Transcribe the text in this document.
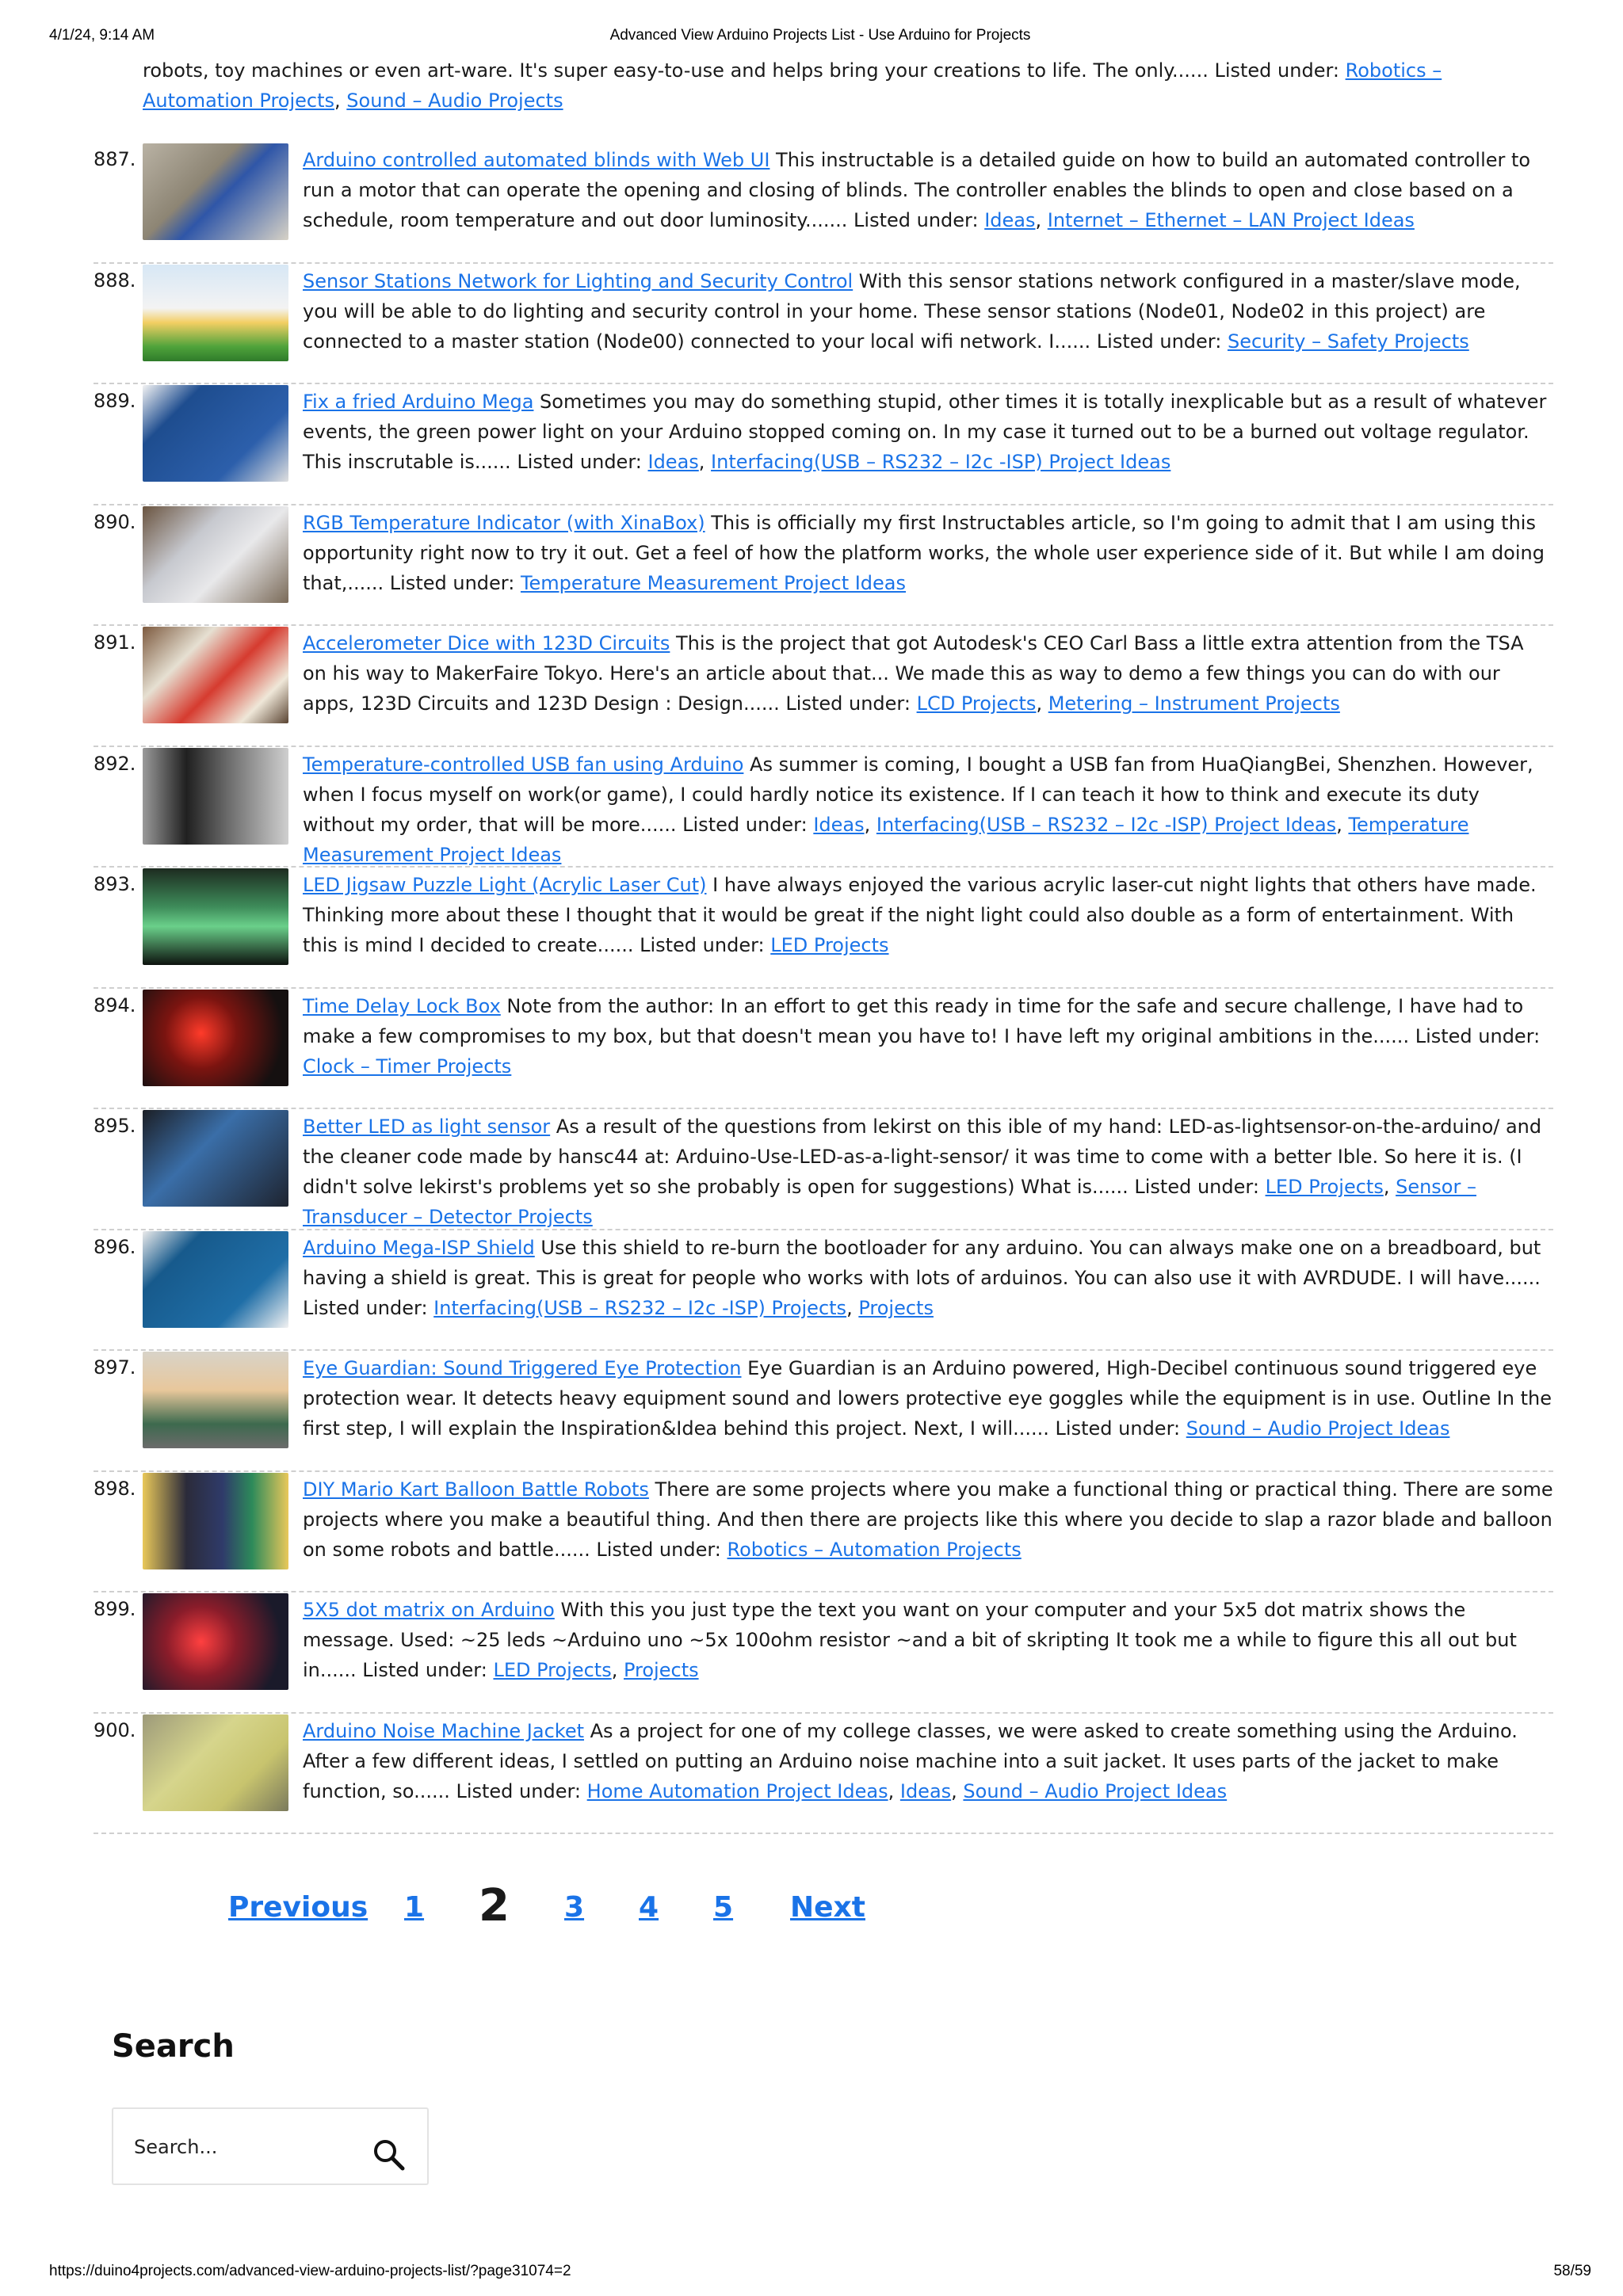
4/1/24, 9:14 AM	Advanced View Arduino Projects List - Use Arduino for Projects
robots, toy machines or even art-ware. It's super easy-to-use and helps bring your creations to life. The only...... Listed under: Robotics – Automation Projects, Sound – Audio Projects
887.	Arduino controlled automated blinds with Web UI This instructable is a detailed guide on how to build an automated controller to run a motor that can operate the opening and closing of blinds. The controller enables the blinds to open and close based on a schedule, room temperature and out door luminosity....... Listed under: Ideas, Internet – Ethernet – LAN Project Ideas
888.	Sensor Stations Network for Lighting and Security Control With this sensor stations network configured in a master/slave mode, you will be able to do lighting and security control in your home. These sensor stations (Node01, Node02 in this project) are connected to a master station (Node00) connected to your local wifi network. I...... Listed under: Security – Safety Projects
889.	Fix a fried Arduino Mega Sometimes you may do something stupid, other times it is totally inexplicable but as a result of whatever events, the green power light on your Arduino stopped coming on. In my case it turned out to be a burned out voltage regulator. This inscrutable is...... Listed under: Ideas, Interfacing(USB – RS232 – I2c -ISP) Project Ideas
890.	RGB Temperature Indicator (with XinaBox) This is officially my first Instructables article, so I'm going to admit that I am using this opportunity right now to try it out. Get a feel of how the platform works, the whole user experience side of it. But while I am doing that,...... Listed under: Temperature Measurement Project Ideas
891.	Accelerometer Dice with 123D Circuits This is the project that got Autodesk's CEO Carl Bass a little extra attention from the TSA on his way to MakerFaire Tokyo. Here's an article about that... We made this as way to demo a few things you can do with our apps, 123D Circuits and 123D Design : Design...... Listed under: LCD Projects, Metering – Instrument Projects
892.	Temperature-controlled USB fan using Arduino As summer is coming, I bought a USB fan from HuaQiangBei, Shenzhen. However, when I focus myself on work(or game), I could hardly notice its existence. If I can teach it how to think and execute its duty without my order, that will be more...... Listed under: Ideas, Interfacing(USB – RS232 – I2c -ISP) Project Ideas, Temperature Measurement Project Ideas
893.	LED Jigsaw Puzzle Light (Acrylic Laser Cut) I have always enjoyed the various acrylic laser-cut night lights that others have made. Thinking more about these I thought that it would be great if the night light could also double as a form of entertainment. With this is mind I decided to create...... Listed under: LED Projects
894.	Time Delay Lock Box Note from the author: In an effort to get this ready in time for the safe and secure challenge, I have had to make a few compromises to my box, but that doesn't mean you have to! I have left my original ambitions in the...... Listed under: Clock – Timer Projects
895.	Better LED as light sensor As a result of the questions from lekirst on this ible of my hand: LED-as-lightsensor-on-the-arduino/ and the cleaner code made by hansc44 at: Arduino-Use-LED-as-a-light-sensor/ it was time to come with a better Ible. So here it is. (I didn't solve lekirst's problems yet so she probably is open for suggestions) What is...... Listed under: LED Projects, Sensor – Transducer – Detector Projects
896.	Arduino Mega-ISP Shield Use this shield to re-burn the bootloader for any arduino. You can always make one on a breadboard, but having a shield is great. This is great for people who works with lots of arduinos. You can also use it with AVRDUDE. I will have...... Listed under: Interfacing(USB – RS232 – I2c -ISP) Projects, Projects
897.	Eye Guardian: Sound Triggered Eye Protection Eye Guardian is an Arduino powered, High-Decibel continuous sound triggered eye protection wear. It detects heavy equipment sound and lowers protective eye goggles while the equipment is in use. Outline In the first step, I will explain the Inspiration&Idea behind this project. Next, I will...... Listed under: Sound – Audio Project Ideas
898.	DIY Mario Kart Balloon Battle Robots There are some projects where you make a functional thing or practical thing. There are some projects where you make a beautiful thing. And then there are projects like this where you decide to slap a razor blade and balloon on some robots and battle...... Listed under: Robotics – Automation Projects
899.	5X5 dot matrix on Arduino With this you just type the text you want on your computer and your 5x5 dot matrix shows the message. Used: ~25 leds ~Arduino uno ~5x 100ohm resistor ~and a bit of skripting It took me a while to figure this all out but in...... Listed under: LED Projects, Projects
900.	Arduino Noise Machine Jacket As a project for one of my college classes, we were asked to create something using the Arduino. After a few different ideas, I settled on putting an Arduino noise machine into a suit jacket. It uses parts of the jacket to make function, so...... Listed under: Home Automation Project Ideas, Ideas, Sound – Audio Project Ideas
Previous 1 2 3 4 5 Next
Search
Search...
https://duino4projects.com/advanced-view-arduino-projects-list/?page31074=2	58/59
